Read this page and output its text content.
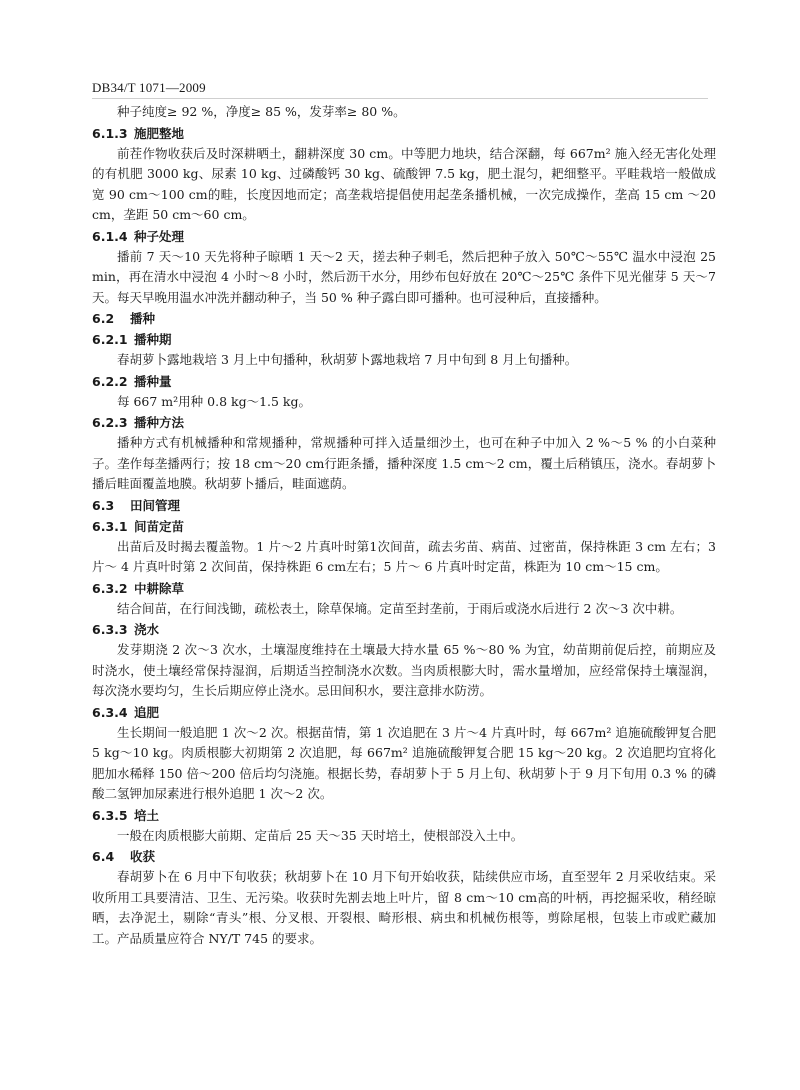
DB34/T 1071—2009
种子纯度≥ 92 %，净度≥ 85 %，发芽率≥ 80 %。
6.1.3 施肥整地
前茬作物收获后及时深耕晒土，翻耕深度 30 cm。中等肥力地块，结合深翻，每 667m² 施入经无害化处理的有机肥 3000 kg、尿素 10 kg、过磷酸钙 30 kg、硫酸钾 7.5 kg，肥土混匀，耙细整平。平畦栽培一般做成宽 90 cm～100 cm的畦，长度因地而定；高垄栽培提倡使用起垄条播机械，一次完成操作，垄高 15 cm ～20 cm，垄距 50 cm～60 cm。
6.1.4 种子处理
播前 7 天～10 天先将种子晾晒 1 天～2 天，搓去种子刺毛，然后把种子放入 50℃～55℃ 温水中浸泡 25 min，再在清水中浸泡 4 小时～8 小时，然后沥干水分，用纱布包好放在 20℃～25℃ 条件下见光催芽 5 天～7 天。每天早晚用温水冲洗并翻动种子，当 50 % 种子露白即可播种。也可浸种后，直接播种。
6.2 播种
6.2.1 播种期
春胡萝卜露地栽培 3 月上中旬播种，秋胡萝卜露地栽培 7 月中旬到 8 月上旬播种。
6.2.2 播种量
每 667 m²用种 0.8 kg～1.5 kg。
6.2.3 播种方法
播种方式有机械播种和常规播种，常规播种可拌入适量细沙土，也可在种子中加入 2 %～5 % 的小白菜种子。垄作每垄播两行；按 18 cm～20 cm行距条播，播种深度 1.5 cm～2 cm，覆土后稍镇压，浇水。春胡萝卜播后畦面覆盖地膜。秋胡萝卜播后，畦面遮荫。
6.3 田间管理
6.3.1 间苗定苗
出苗后及时揭去覆盖物。1 片～2 片真叶时第1次间苗，疏去劣苗、病苗、过密苗，保持株距 3 cm 左右；3 片～ 4 片真叶时第 2 次间苗，保持株距 6 cm左右；5 片～ 6 片真叶时定苗，株距为 10 cm～15 cm。
6.3.2 中耕除草
结合间苗，在行间浅锄，疏松表土，除草保墒。定苗至封垄前，于雨后或浇水后进行 2 次～3 次中耕。
6.3.3 浇水
发芽期浇 2 次～3 次水，土壤湿度维持在土壤最大持水量 65 %～80 % 为宜，幼苗期前促后控，前期应及时浇水，使土壤经常保持湿润，后期适当控制浇水次数。当肉质根膨大时，需水量增加，应经常保持土壤湿润，每次浇水要均匀，生长后期应停止浇水。忌田间积水，要注意排水防涝。
6.3.4 追肥
生长期间一般追肥 1 次～2 次。根据苗情，第 1 次追肥在 3 片～4 片真叶时，每 667m² 追施硫酸钾复合肥 5 kg～10 kg。肉质根膨大初期第 2 次追肥，每 667m² 追施硫酸钾复合肥 15 kg～20 kg。2 次追肥均宜将化肥加水稀释 150 倍～200 倍后均匀浇施。根据长势，春胡萝卜于 5 月上旬、秋胡萝卜于 9 月下旬用 0.3 % 的磷酸二氢钾加尿素进行根外追肥 1 次～2 次。
6.3.5 培土
一般在肉质根膨大前期、定苗后 25 天～35 天时培土，使根部没入土中。
6.4 收获
春胡萝卜在 6 月中下旬收获；秋胡萝卜在 10 月下旬开始收获，陆续供应市场，直至翌年 2 月采收结束。采收所用工具要清洁、卫生、无污染。收获时先割去地上叶片，留 8 cm～10 cm高的叶柄，再挖掘采收，稍经晾晒，去净泥土，剔除“青头”根、分叉根、开裂根、畸形根、病虫和机械伤根等，剪除尾根，包装上市或贮藏加工。产品质量应符合 NY/T 745 的要求。
